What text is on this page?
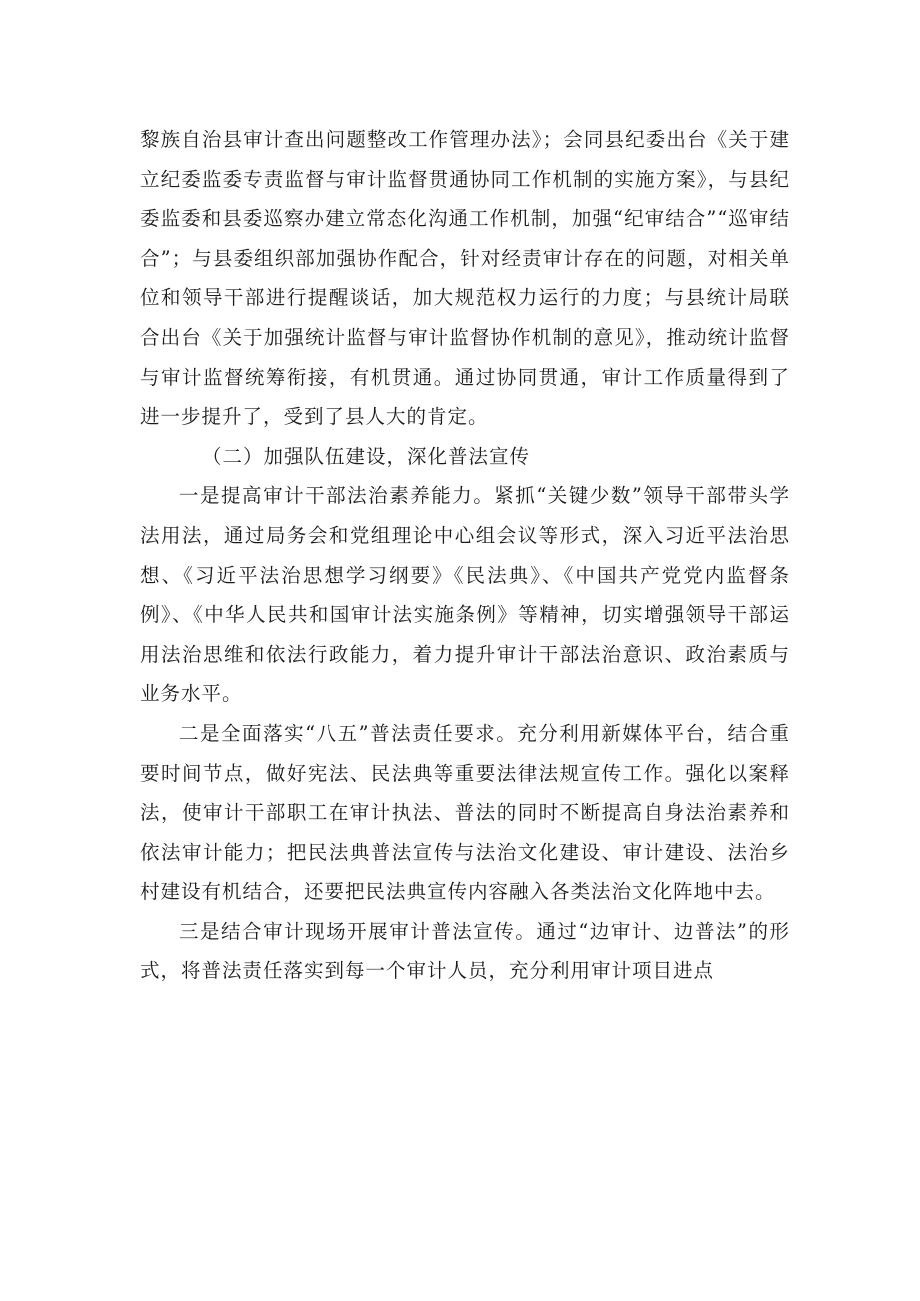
黎族自治县审计查出问题整改工作管理办法》；会同县纪委出台《关于建立纪委监委专责监督与审计监督贯通协同工作机制的实施方案》，与县纪委监委和县委巡察办建立常态化沟通工作机制，加强“纪审结合”“巡审结合”；与县委组织部加强协作配合，针对经责审计存在的问题，对相关单位和领导干部进行提醒谈话，加大规范权力运行的力度；与县统计局联合出台《关于加强统计监督与审计监督协作机制的意见》，推动统计监督与审计监督统筹衔接，有机贯通。通过协同贯通，审计工作质量得到了进一步提升了，受到了县人大的肯定。

（二）加强队伍建设，深化普法宣传

一是提高审计干部法治素养能力。紧抓“关键少数”领导干部带头学法用法，通过局务会和党组理论中心组会议等形式，深入习近平法治思想、《习近平法治思想学习纲要》《民法典》、《中国共产党党内监督条例》、《中华人民共和国审计法实施条例》等精神，切实增强领导干部运用法治思维和依法行政能力，着力提升审计干部法治意识、政治素质与业务水平。

二是全面落实“八五”普法责任要求。充分利用新媒体平台，结合重要时间节点，做好宪法、民法典等重要法律法规宣传工作。强化以案释法，使审计干部职工在审计执法、普法的同时不断提高自身法治素养和依法审计能力；把民法典普法宣传与法治文化建设、审计建设、法治乡村建设有机结合，还要把民法典宣传内容融入各类法治文化阵地中去。

三是结合审计现场开展审计普法宣传。通过“边审计、边普法”的形式，将普法责任落实到每一个审计人员，充分利用审计项目进点
